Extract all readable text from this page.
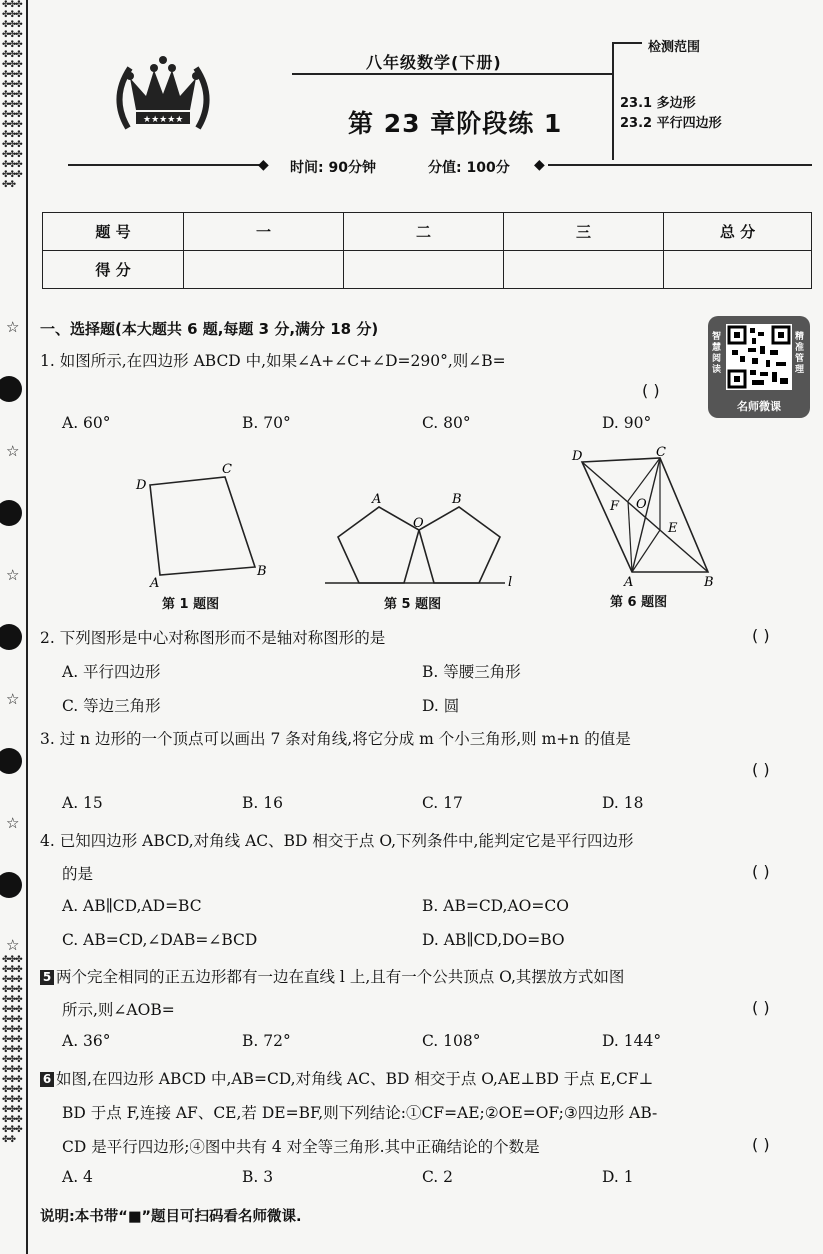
✤✤✤✤✤✤✤✤✤✤✤✤✤✤✤✤✤✤✤✤✤✤✤✤✤✤✤✤✤✤✤✤✤✤✤✤✤✤✤✤✤✤✤✤✤✤✤✤✤✤✤✤✤✤✤✤
✤✤✤✤✤✤✤✤✤✤✤✤✤✤✤✤✤✤✤✤✤✤✤✤✤✤✤✤✤✤✤✤✤✤✤✤✤✤✤✤✤✤✤✤✤✤✤✤✤✤✤✤✤✤✤✤
☆
☆
☆
☆
☆
☆
★★★★★
八年级数学(下册)
第 23 章阶段练 1
检测范围
23.1 多边形
23.2 平行四边形
◆ 时间: 90分钟	分值: 100分 ◆
题 号	一	二	三	总 分
得 分				
一、选择题(本大题共 6 题,每题 3 分,满分 18 分)	智慧阅读
精准管理
名师微课
1. 如图所示,在四边形 ABCD 中,如果∠A+∠C+∠D=290°,则∠B=
( )
A. 60°	B. 70°	C. 80°	D. 90°
D
C
A
B
第 1 题图
A	B
O
l
第 5 题图
D	C
F O
E
A	B
第 6 题图
2. 下列图形是中心对称图形而不是轴对称图形的是	( )
A. 平行四边形	B. 等腰三角形
C. 等边三角形	D. 圆
3. 过 n 边形的一个顶点可以画出 7 条对角线,将它分成 m 个小三角形,则 m+n 的值是
( )
A. 15	B. 16	C. 17	D. 18
4. 已知四边形 ABCD,对角线 AC、BD 相交于点 O,下列条件中,能判定它是平行四边形
的是	( )
A. AB∥CD,AD=BC	B. AB=CD,AO=CO
C. AB=CD,∠DAB=∠BCD	D. AB∥CD,DO=BO
5 两个完全相同的正五边形都有一边在直线 l 上,且有一个公共顶点 O,其摆放方式如图
所示,则∠AOB=	( )
A. 36°	B. 72°	C. 108°	D. 144°
6 如图,在四边形 ABCD 中,AB=CD,对角线 AC、BD 相交于点 O,AE⊥BD 于点 E,CF⊥
BD 于点 F,连接 AF、CE,若 DE=BF,则下列结论:①CF=AE;②OE=OF;③四边形 AB-
CD 是平行四边形;④图中共有 4 对全等三角形.其中正确结论的个数是	( )
A. 4	B. 3	C. 2	D. 1
说明:本书带“■”题目可扫码看名师微课.
